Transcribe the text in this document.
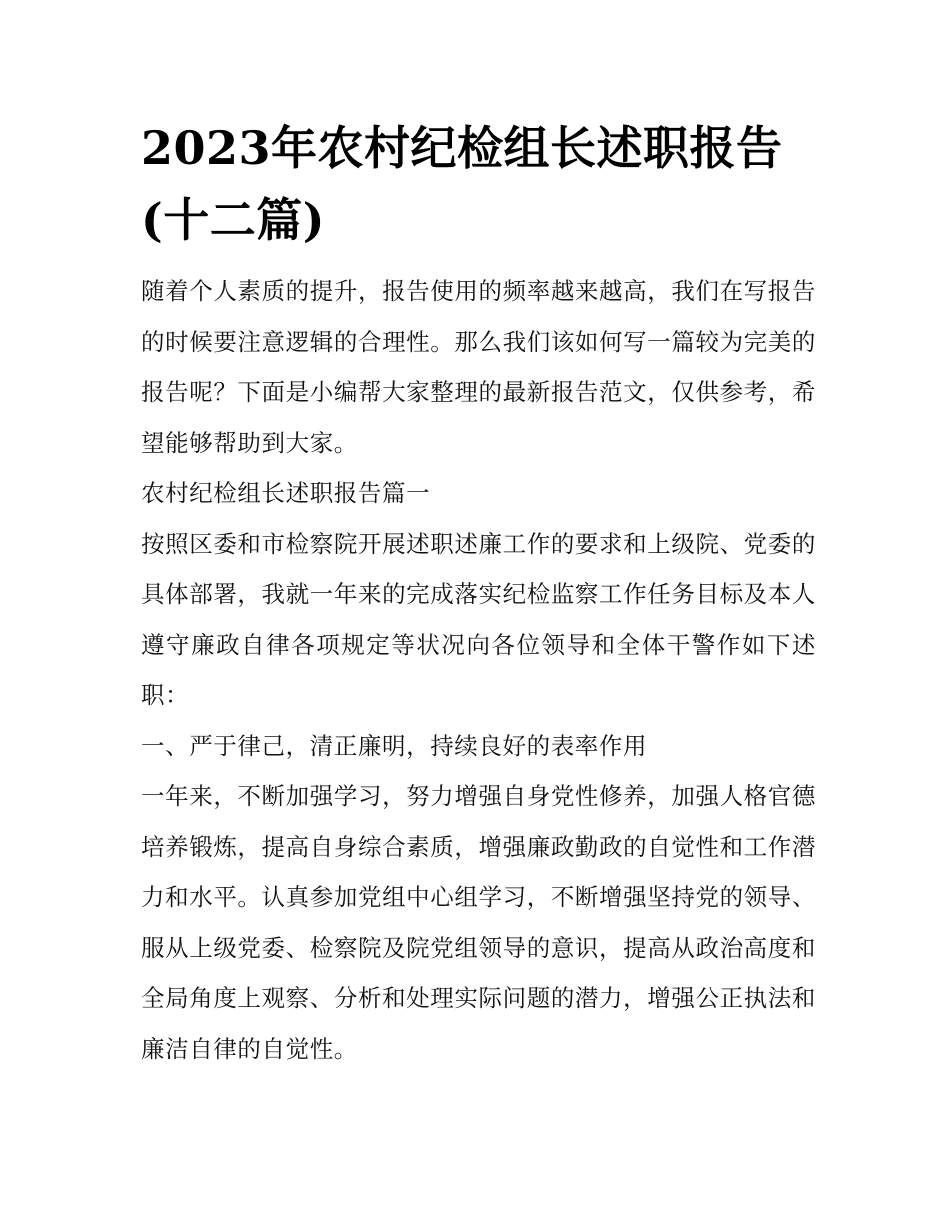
2023年农村纪检组长述职报告
(十二篇)

随着个人素质的提升，报告使用的频率越来越高，我们在写报告的时候要注意逻辑的合理性。那么我们该如何写一篇较为完美的报告呢？下面是小编帮大家整理的最新报告范文，仅供参考，希望能够帮助到大家。

农村纪检组长述职报告篇一

按照区委和市检察院开展述职述廉工作的要求和上级院、党委的具体部署，我就一年来的完成落实纪检监察工作任务目标及本人遵守廉政自律各项规定等状况向各位领导和全体干警作如下述职：

一、严于律己，清正廉明，持续良好的表率作用

一年来，不断加强学习，努力增强自身党性修养，加强人格官德培养锻炼，提高自身综合素质，增强廉政勤政的自觉性和工作潜力和水平。认真参加党组中心组学习，不断增强坚持党的领导、服从上级党委、检察院及院党组领导的意识，提高从政治高度和全局角度上观察、分析和处理实际问题的潜力，增强公正执法和廉洁自律的自觉性。
